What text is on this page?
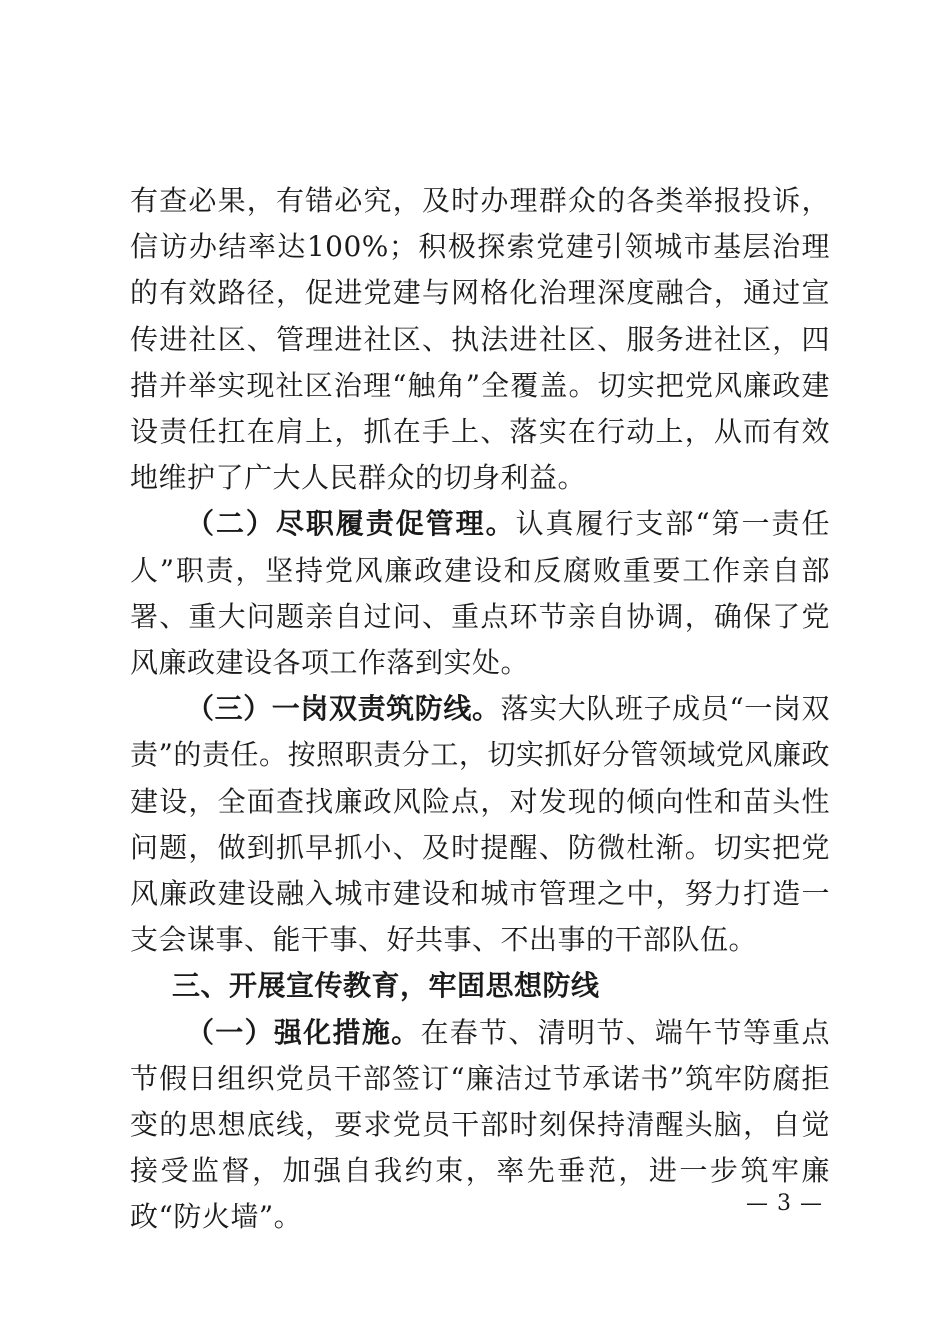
有查必果，有错必究，及时办理群众的各类举报投诉，信访办结率达100%；积极探索党建引领城市基层治理的有效路径，促进党建与网格化治理深度融合，通过宣传进社区、管理进社区、执法进社区、服务进社区，四措并举实现社区治理“触角”全覆盖。切实把党风廉政建设责任扛在肩上，抓在手上、落实在行动上，从而有效地维护了广大人民群众的切身利益。

（二）尽职履责促管理。认真履行支部“第一责任人”职责，坚持党风廉政建设和反腐败重要工作亲自部署、重大问题亲自过问、重点环节亲自协调，确保了党风廉政建设各项工作落到实处。

（三）一岗双责筑防线。落实大队班子成员“一岗双责”的责任。按照职责分工，切实抓好分管领域党风廉政建设，全面查找廉政风险点，对发现的倾向性和苗头性问题，做到抓早抓小、及时提醒、防微杜渐。切实把党风廉政建设融入城市建设和城市管理之中，努力打造一支会谋事、能干事、好共事、不出事的干部队伍。

三、开展宣传教育，牢固思想防线

（一）强化措施。在春节、清明节、端午节等重点节假日组织党员干部签订“廉洁过节承诺书”筑牢防腐拒变的思想底线，要求党员干部时刻保持清醒头脑，自觉接受监督，加强自我约束，率先垂范，进一步筑牢廉政“防火墙”。	— 3 —
